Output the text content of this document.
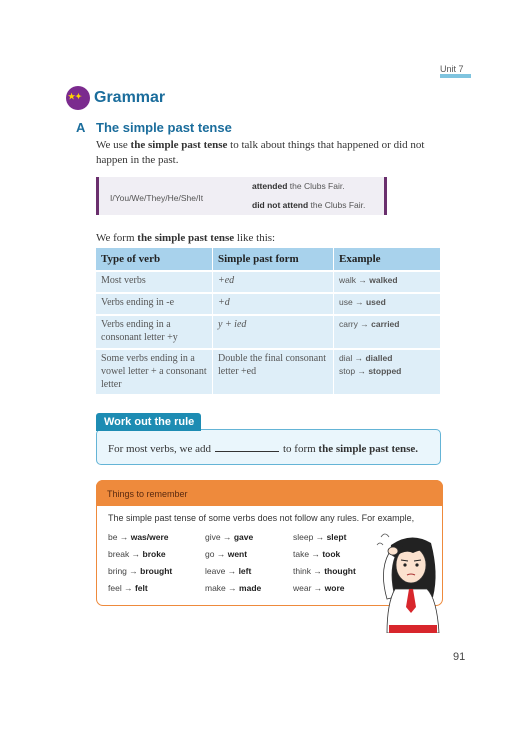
Unit 7
★✦ Grammar
A The simple past tense
We use the simple past tense to talk about things that happened or did not happen in the past.
I/You/We/They/He/She/It
attended the Clubs Fair.
did not attend the Clubs Fair.
We form the simple past tense like this:
Type of verb	Simple past form	Example
Most verbs	+ed	walk → walked
Verbs ending in -e	+d	use → used
Verbs ending in a consonant letter +y	y + ied	carry → carried
Some verbs ending in a vowel letter + a consonant letter	Double the final consonant letter +ed	dial → dialled
stop → stopped
Work out the rule
For most verbs, we add	to form the simple past tense.
Things to remember
The simple past tense of some verbs does not follow any rules. For example,
be → was/were	give → gave	sleep → slept
break → broke	go → went	take → took
bring → brought	leave → left	think → thought
feel → felt	make → made	wear → wore
91
